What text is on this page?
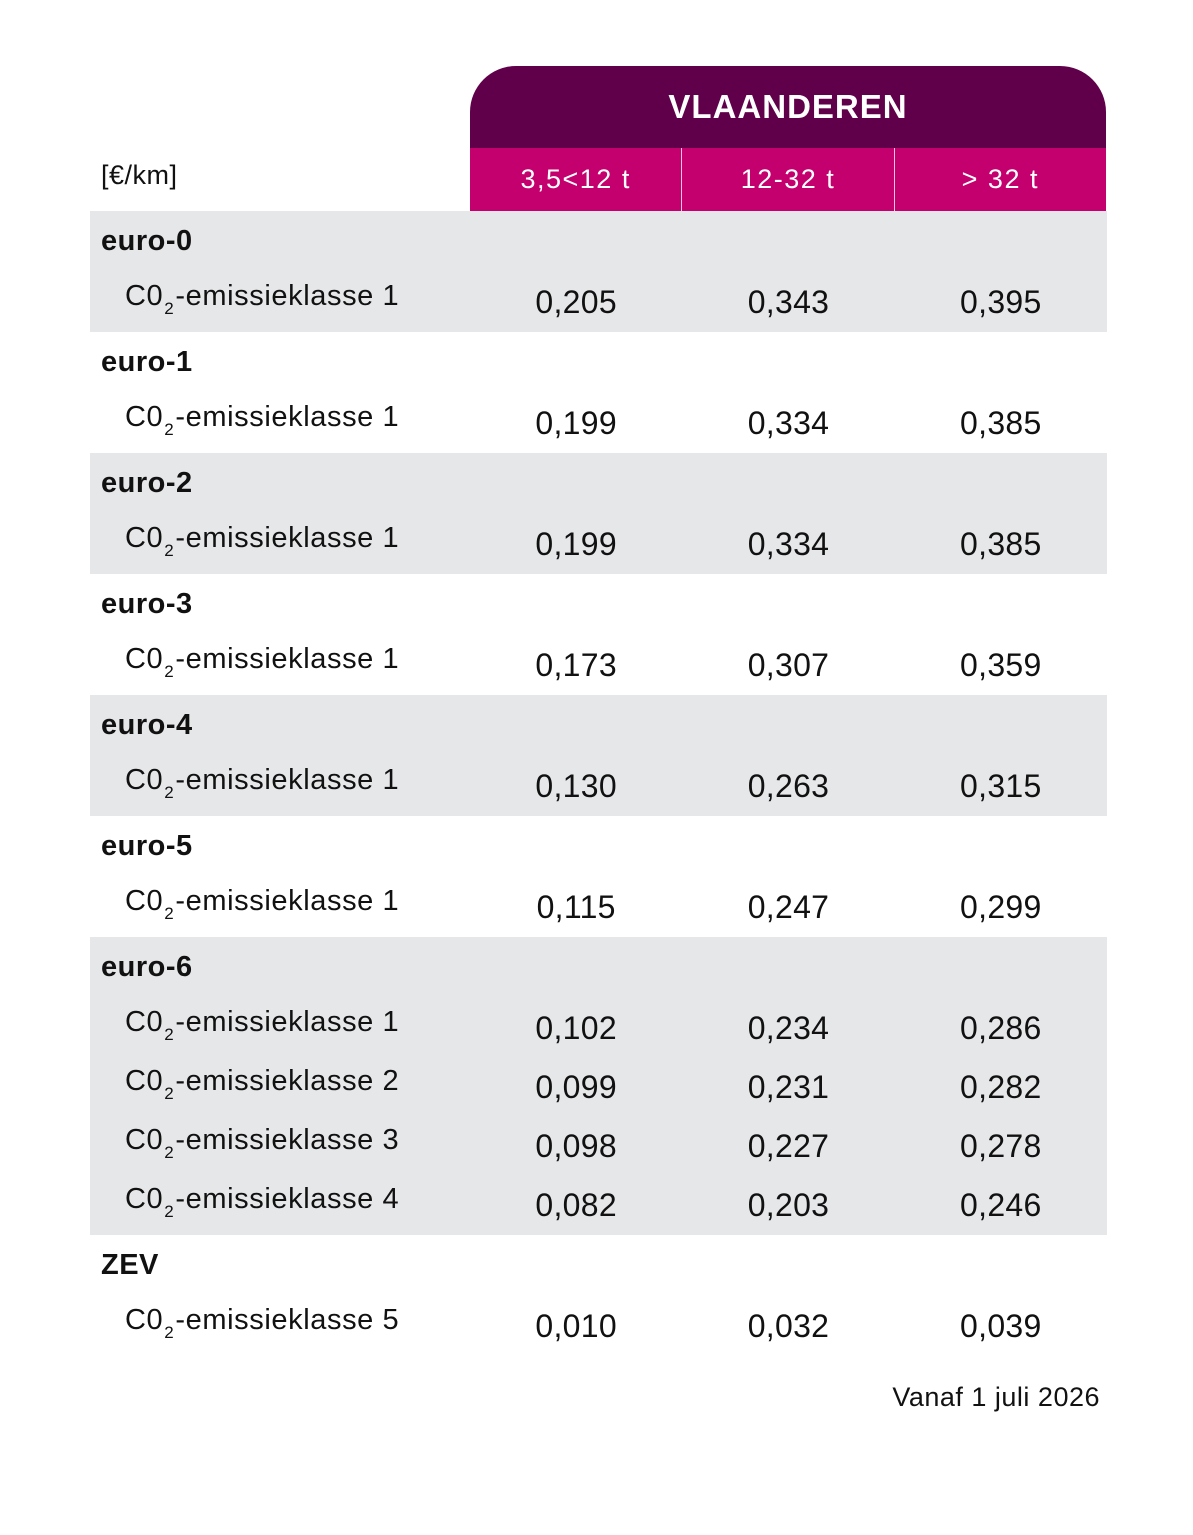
VLAANDEREN
[€/km]	3,5<12 t	12-32 t	> 32 t
euro-0
$C0_2$-emissieklasse 1	0,205	0,343	0,395
euro-1
$C0_2$-emissieklasse 1	0,199	0,334	0,385
euro-2
$C0_2$-emissieklasse 1	0,199	0,334	0,385
euro-3
$C0_2$-emissieklasse 1	0,173	0,307	0,359
euro-4
$C0_2$-emissieklasse 1	0,130	0,263	0,315
euro-5
$C0_2$-emissieklasse 1	0,115	0,247	0,299
euro-6
$C0_2$-emissieklasse 1	0,102	0,234	0,286
$C0_2$-emissieklasse 2	0,099	0,231	0,282
$C0_2$-emissieklasse 3	0,098	0,227	0,278
$C0_2$-emissieklasse 4	0,082	0,203	0,246
ZEV
$C0_2$-emissieklasse 5	0,010	0,032	0,039
Vanaf 1 juli 2026
